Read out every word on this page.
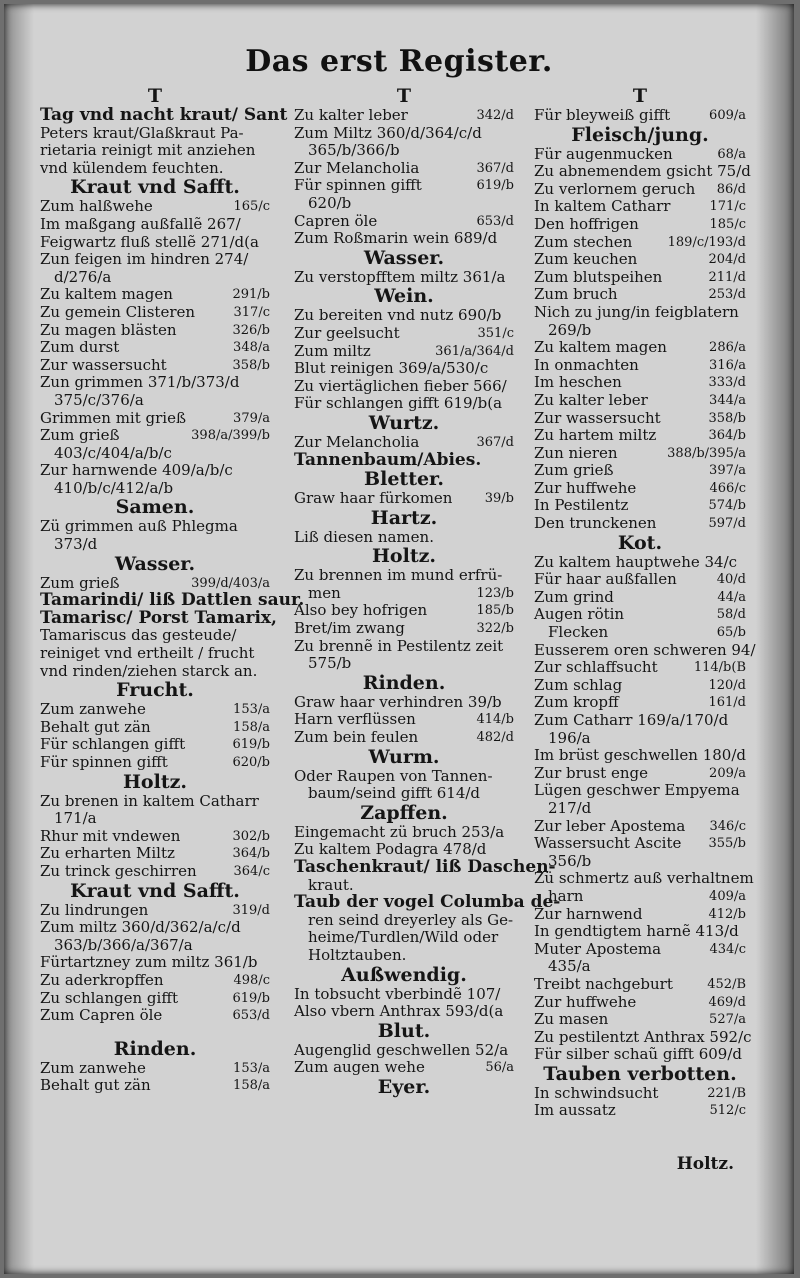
Das erst Register.
T
Tag vnd nacht kraut/ Sant
Peters kraut/Glaßkraut Pa-
rietaria reinigt mit anziehen
vnd külendem feuchten.
Kraut vnd Safft.
Zum halßwehe	165/c
Im maßgang außfallẽ 267/
Feigwartz fluß stellẽ 271/d(a
Zun feigen im hindren 274/
d/276/a
Zu kaltem magen	291/b
Zu gemein Clisteren	317/c
Zu magen blästen	326/b
Zum durst	348/a
Zur wassersucht	358/b
Zun grimmen 371/b/373/d
375/c/376/a
Grimmen mit grieß	379/a
Zum grieß	398/a/399/b
403/c/404/a/b/c
Zur harnwende 409/a/b/c
410/b/c/412/a/b
Samen.
Zü grimmen auß Phlegma
373/d
Wasser.
Zum grieß	399/d/403/a
Tamarindi/ liß Dattlen saur.
Tamarisc/ Porst Tamarix,
Tamariscus das gesteude/
reiniget vnd ertheilt / frucht
vnd rinden/ziehen starck an.
Frucht.
Zum zanwehe	153/a
Behalt gut zän	158/a
Für schlangen gifft	619/b
Für spinnen gifft	620/b
Holtz.
Zu brenen in kaltem Catharr
171/a
Rhur mit vndewen	302/b
Zu erharten Miltz	364/b
Zu trinck geschirren	364/c
Kraut vnd Safft.
Zu lindrungen	319/d
Zum miltz 360/d/362/a/c/d
363/b/366/a/367/a
Fürtartzney zum miltz 361/b
Zu aderkropffen	498/c
Zu schlangen gifft	619/b
Zum Capren öle	653/d
Rinden.
Zum zanwehe	153/a
Behalt gut zän	158/a
T
Zu kalter leber	342/d
Zum Miltz 360/d/364/c/d
365/b/366/b
Zur Melancholia	367/d
Für spinnen gifft	619/b
620/b
Capren öle	653/d
Zum Roßmarin wein 689/d
Wasser.
Zu verstopfftem miltz 361/a
Wein.
Zu bereiten vnd nutz 690/b
Zur geelsucht	351/c
Zum miltz	361/a/364/d
Blut reinigen 369/a/530/c
Zu viertäglichen fieber 566/
Für schlangen gifft 619/b(a
Wurtz.
Zur Melancholia	367/d
Tannenbaum/Abies.
Bletter.
Graw haar fürkomen 39/b
Hartz.
Liß diesen namen.
Holtz.
Zu brennen im mund erfrü-
men	123/b
Also bey hofrigen	185/b
Bret/im zwang	322/b
Zu brennẽ in Pestilentz zeit
575/b
Rinden.
Graw haar verhindren 39/b
Harn verflüssen	414/b
Zum bein feulen	482/d
Wurm.
Oder Raupen von Tannen-
baum/seind gifft 614/d
Zapffen.
Eingemacht zü bruch 253/a
Zu kaltem Podagra 478/d
Taschenkraut/ liß Daschen-
kraut.
Taub der vogel Columba de-
ren seind dreyerley als Ge-
heime/Turdlen/Wild oder
Holtztauben.
Außwendig.
In tobsucht vberbindẽ 107/
Also vbern Anthrax 593/d(a
Blut.
Augenglid geschwellen 52/a
Zum augen wehe	56/a
Eyer.
T
Für bleyweiß gifft	609/a
Fleisch/jung.
Für augenmucken	68/a
Zu abnemendem gsicht 75/d
Zu verlornem geruch 86/d
In kaltem Catharr	171/c
Den hoffrigen	185/c
Zum stechen	189/c/193/d
Zum keuchen	204/d
Zum blutspeihen	211/d
Zum bruch	253/d
Nich zu jung/in feigblatern
269/b
Zu kaltem magen	286/a
In onmachten	316/a
Im heschen	333/d
Zu kalter leber	344/a
Zur wassersucht	358/b
Zu hartem miltz	364/b
Zun nieren	388/b/395/a
Zum grieß	397/a
Zur huffwehe	466/c
In Pestilentz	574/b
Den trunckenen	597/d
Kot.
Zu kaltem hauptwehe 34/c
Für haar außfallen	40/d
Zum grind	44/a
Augen rötin	58/d
Flecken	65/b
Eusserem oren schweren 94/
Zur schlaffsucht	114/b(B
Zum schlag	120/d
Zum kropff	161/d
Zum Catharr 169/a/170/d
196/a
Im brüst geschwellen 180/d
Zur brust enge	209/a
Lügen geschwer Empyema
217/d
Zur leber Apostema 346/c
Wassersucht Ascite 355/b
356/b
Zü schmertz auß verhaltnem
harn	409/a
Zur harnwend	412/b
In gendtigtem harnẽ 413/d
Muter Apostema	434/c
435/a
Treibt nachgeburt	452/B
Zur huffwehe	469/d
Zu masen	527/a
Zu pestilentzt Anthrax 592/c
Für silber schaũ gifft 609/d
Tauben verbotten.
In schwindsucht	221/B
Im aussatz	512/c
Holtz.
